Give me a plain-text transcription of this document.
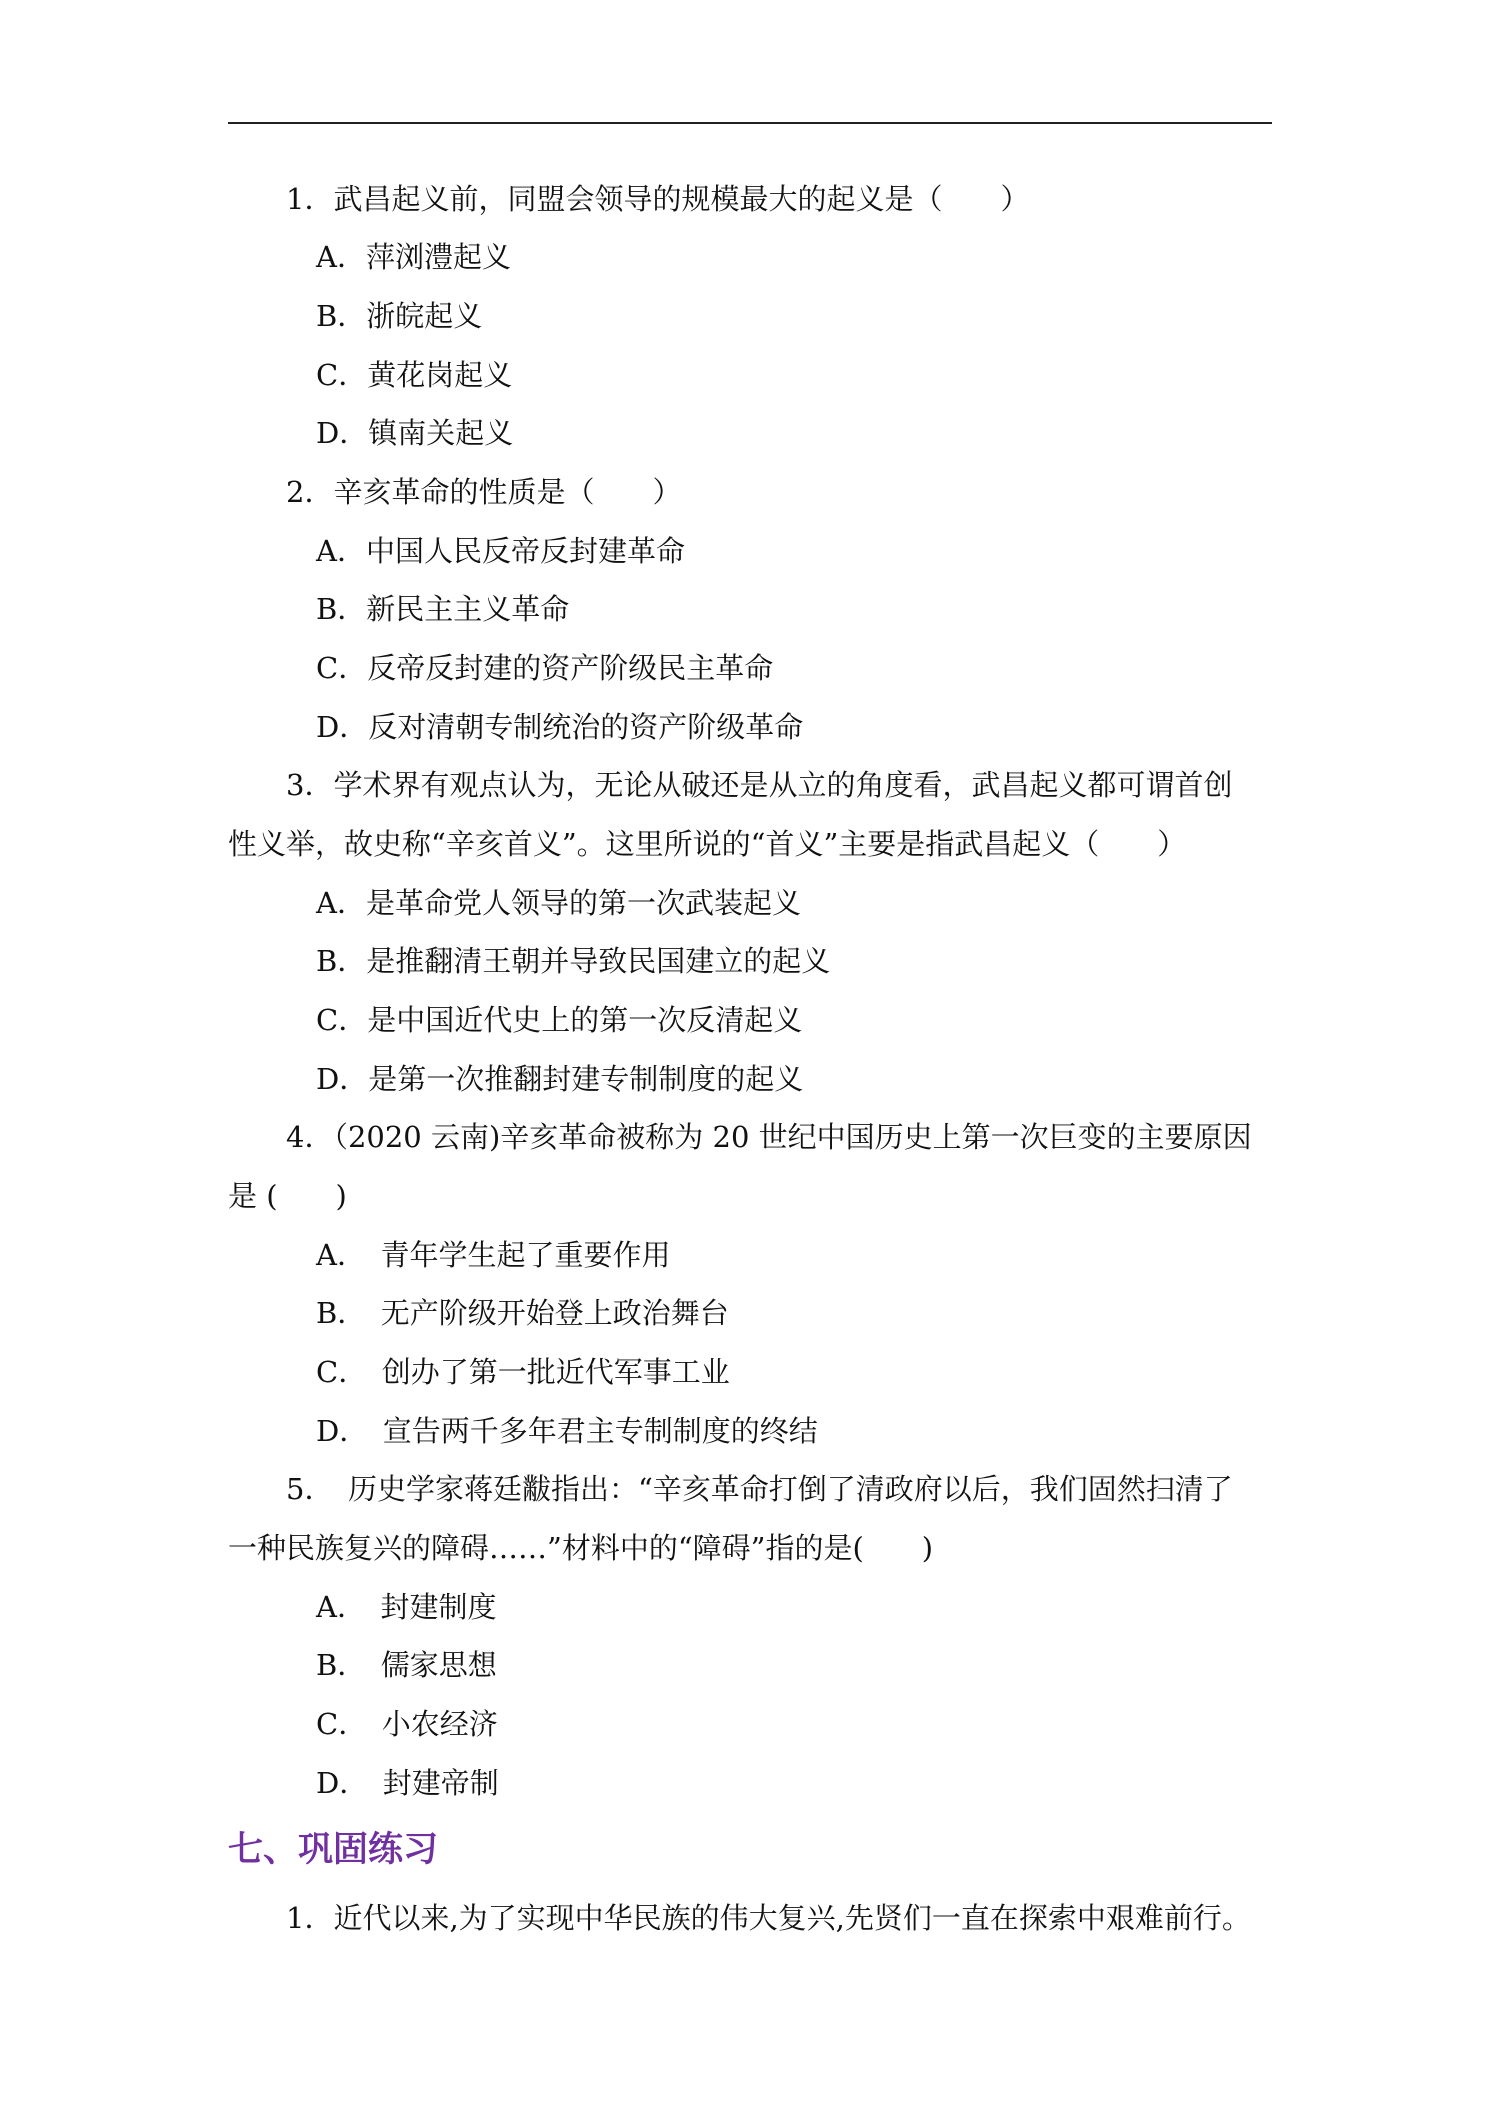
1．武昌起义前，同盟会领导的规模最大的起义是（　　）
A．萍浏澧起义
B．浙皖起义
C．黄花岗起义
D．镇南关起义
2．辛亥革命的性质是（　　）
A．中国人民反帝反封建革命
B．新民主主义革命
C．反帝反封建的资产阶级民主革命
D．反对清朝专制统治的资产阶级革命
3．学术界有观点认为，无论从破还是从立的角度看，武昌起义都可谓首创
性义举，故史称“辛亥首义”。这里所说的“首义”主要是指武昌起义（　　）
A．是革命党人领导的第一次武装起义
B．是推翻清王朝并导致民国建立的起义
C．是中国近代史上的第一次反清起义
D．是第一次推翻封建专制制度的起义
4．（2020 云南)辛亥革命被称为 20 世纪中国历史上第一次巨变的主要原因
是 (　　)
A．　青年学生起了重要作用
B．　无产阶级开始登上政治舞台
C．　创办了第一批近代军事工业
D．　宣告两千多年君主专制制度的终结
5．　历史学家蒋廷黻指出：“辛亥革命打倒了清政府以后，我们固然扫清了
一种民族复兴的障碍……”材料中的“障碍”指的是(　　)
A．　封建制度
B．　儒家思想
C．　小农经济
D．　封建帝制
七、巩固练习
1．近代以来,为了实现中华民族的伟大复兴,先贤们一直在探索中艰难前行。
